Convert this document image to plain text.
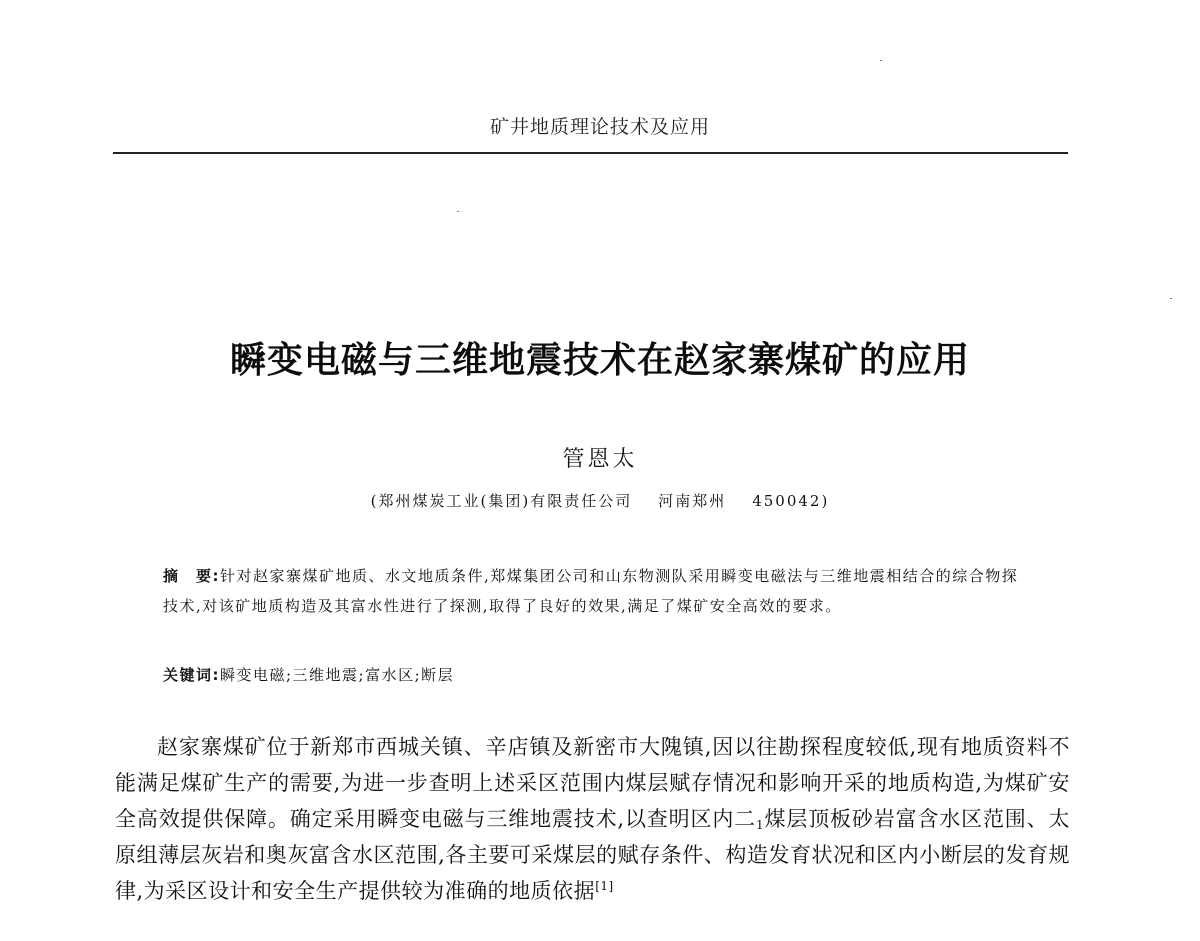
矿井地质理论技术及应用
瞬变电磁与三维地震技术在赵家寨煤矿的应用
管恩太
(郑州煤炭工业(集团)有限责任公司 河南郑州 450042)
摘　要:针对赵家寨煤矿地质、水文地质条件,郑煤集团公司和山东物测队采用瞬变电磁法与三维地震相结合的综合物探技术,对该矿地质构造及其富水性进行了探测,取得了良好的效果,满足了煤矿安全高效的要求。
关键词:瞬变电磁;三维地震;富水区;断层

赵家寨煤矿位于新郑市西城关镇、辛店镇及新密市大隗镇,因以往勘探程度较低,现有地质资料不能满足煤矿生产的需要,为进一步查明上述采区范围内煤层赋存情况和影响开采的地质构造,为煤矿安全高效提供保障。确定采用瞬变电磁与三维地震技术,以查明区内二$_1$煤层顶板砂岩富含水区范围、太原组薄层灰岩和奥灰富含水区范围,各主要可采煤层的赋存条件、构造发育状况和区内小断层的发育规律,为采区设计和安全生产提供较为准确的地质依据[1]
